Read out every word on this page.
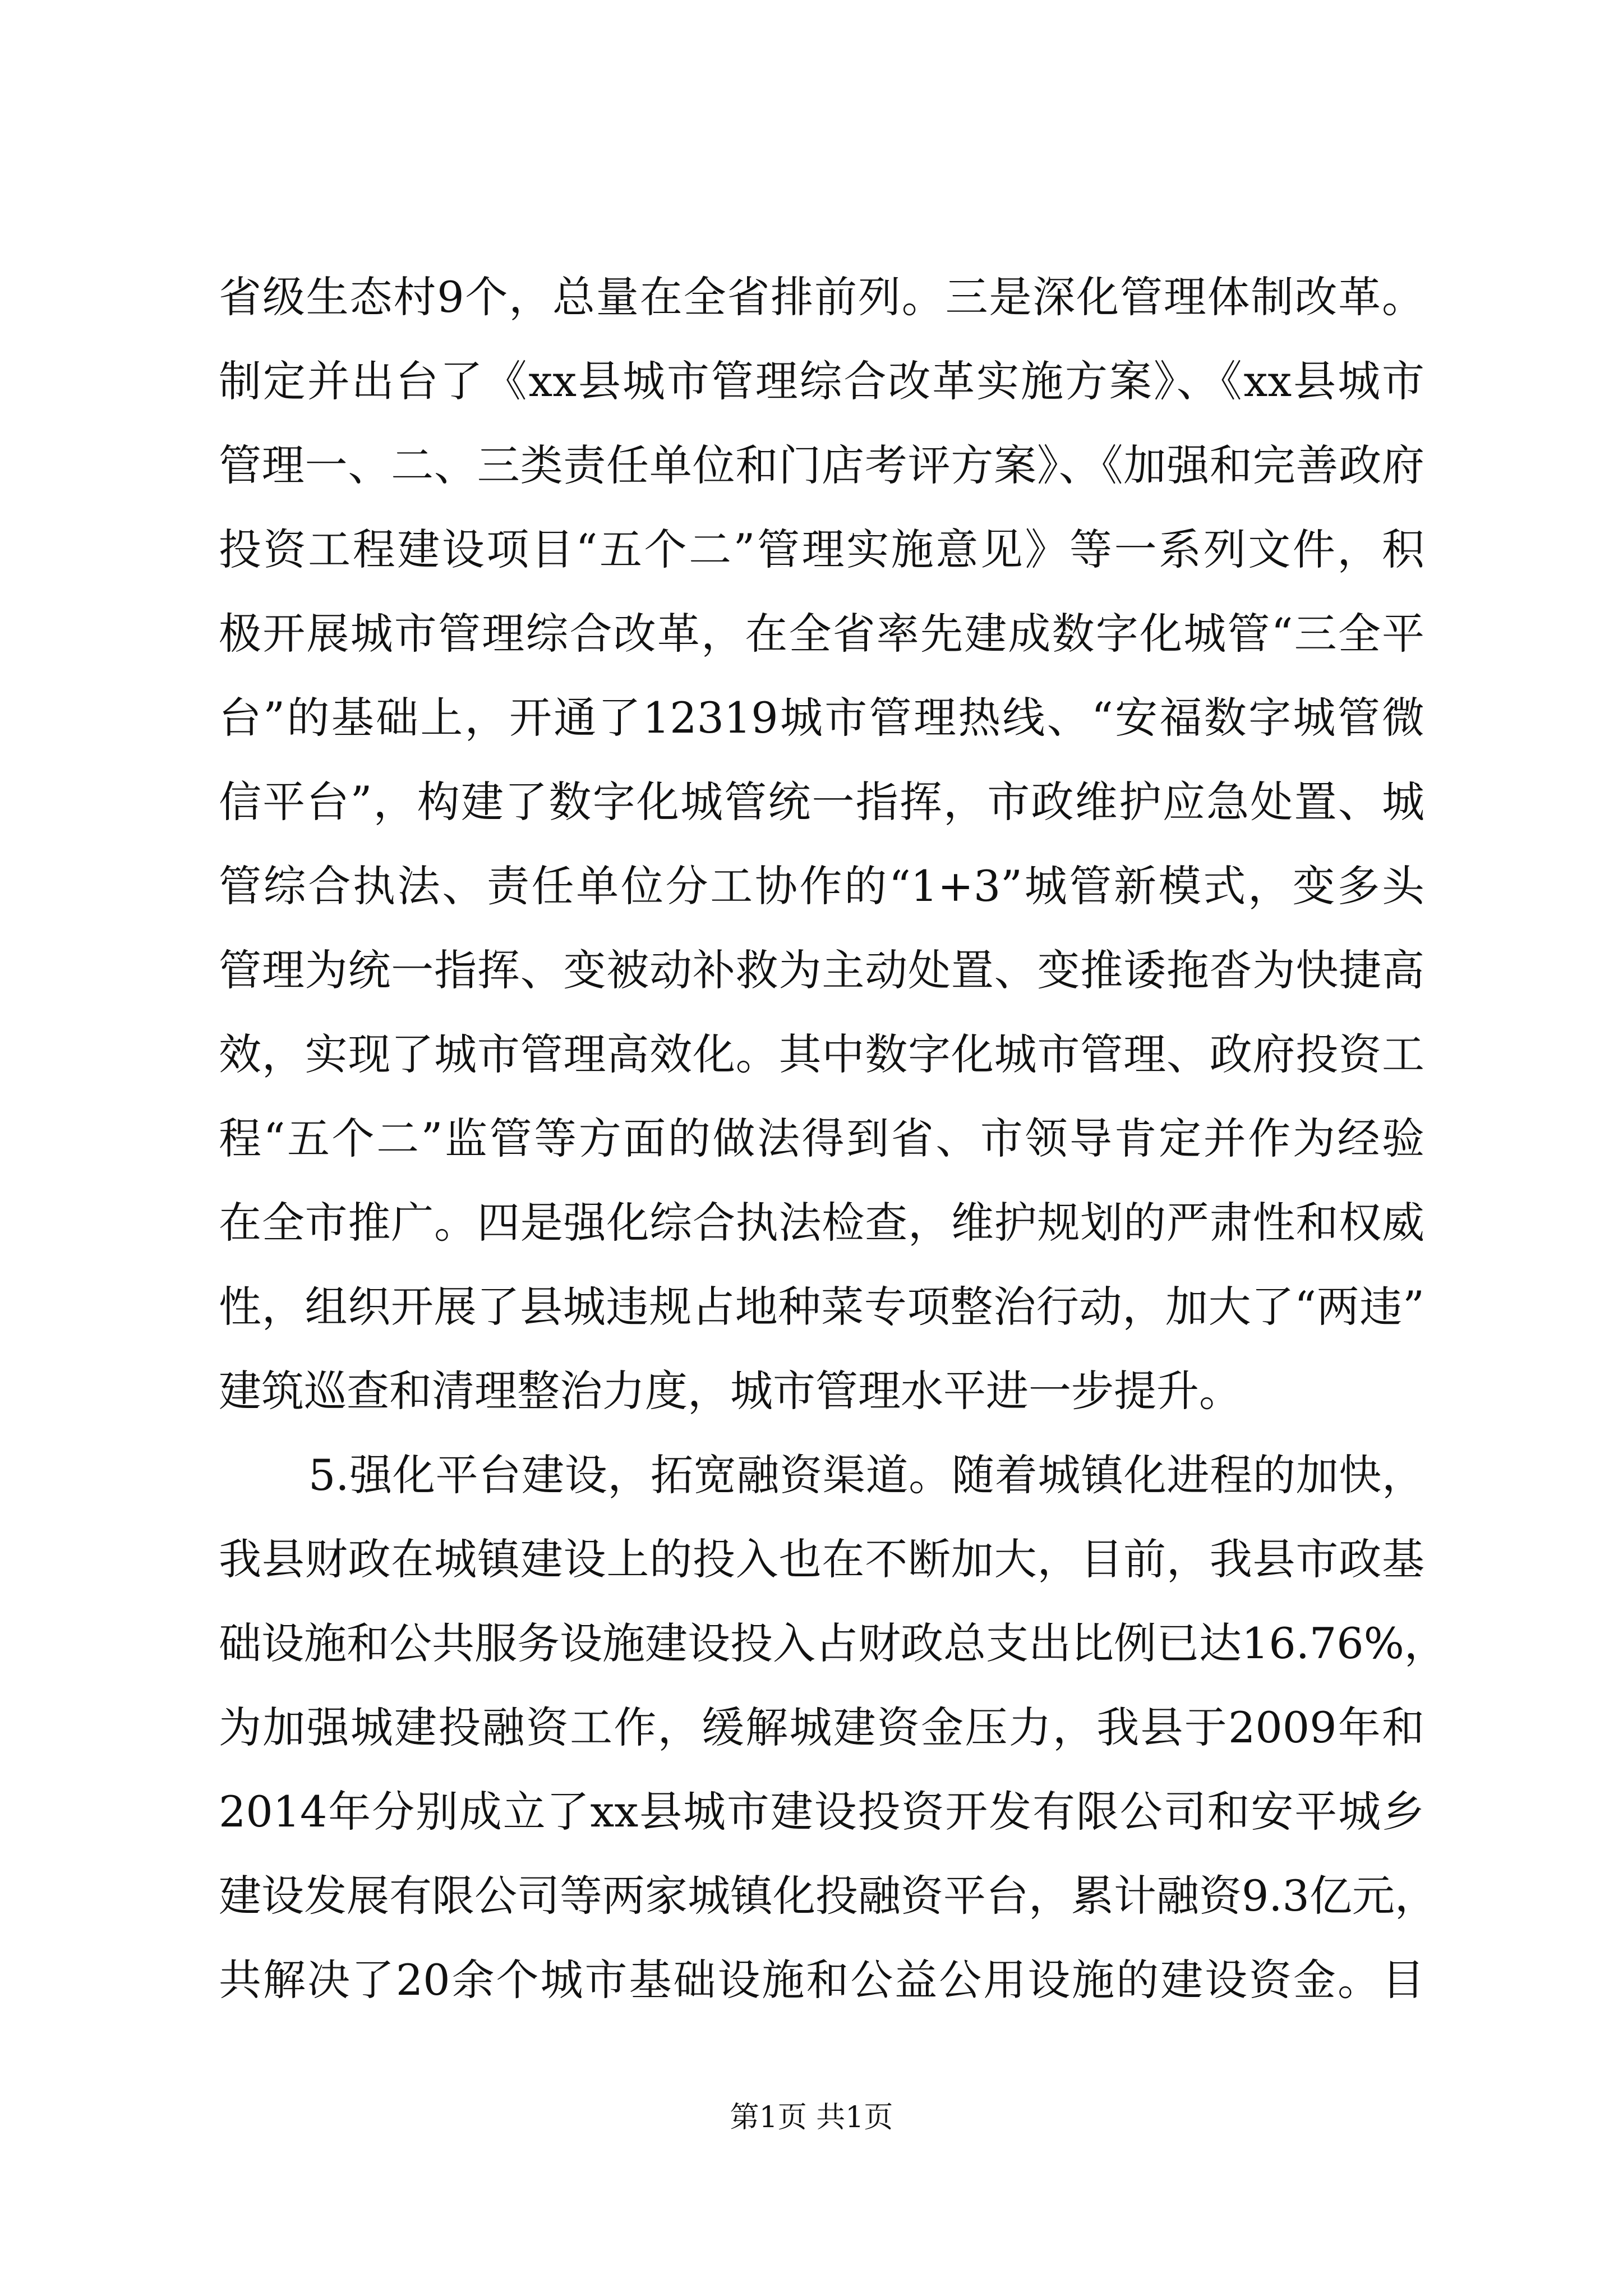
省级生态村9个，总量在全省排前列。三是深化管理体制改革。
制定并出台了《xx县城市管理综合改革实施方案》、《xx县城市
管理一、二、三类责任单位和门店考评方案》、《加强和完善政府
投资工程建设项目“五个二”管理实施意见》等一系列文件，积
极开展城市管理综合改革，在全省率先建成数字化城管“三全平
台”的基础上，开通了12319城市管理热线、“安福数字城管微
信平台”，构建了数字化城管统一指挥，市政维护应急处置、城
管综合执法、责任单位分工协作的“1+3”城管新模式，变多头
管理为统一指挥、变被动补救为主动处置、变推诿拖沓为快捷高
效，实现了城市管理高效化。其中数字化城市管理、政府投资工
程“五个二”监管等方面的做法得到省、市领导肯定并作为经验
在全市推广。四是强化综合执法检查，维护规划的严肃性和权威
性，组织开展了县城违规占地种菜专项整治行动，加大了“两违”
建筑巡查和清理整治力度，城市管理水平进一步提升。
5.强化平台建设，拓宽融资渠道。随着城镇化进程的加快，
我县财政在城镇建设上的投入也在不断加大，目前，我县市政基
础设施和公共服务设施建设投入占财政总支出比例已达16.76%，
为加强城建投融资工作，缓解城建资金压力，我县于2009年和
2014年分别成立了xx县城市建设投资开发有限公司和安平城乡
建设发展有限公司等两家城镇化投融资平台，累计融资9.3亿元，
共解决了20余个城市基础设施和公益公用设施的建设资金。目
第1页 共1页
